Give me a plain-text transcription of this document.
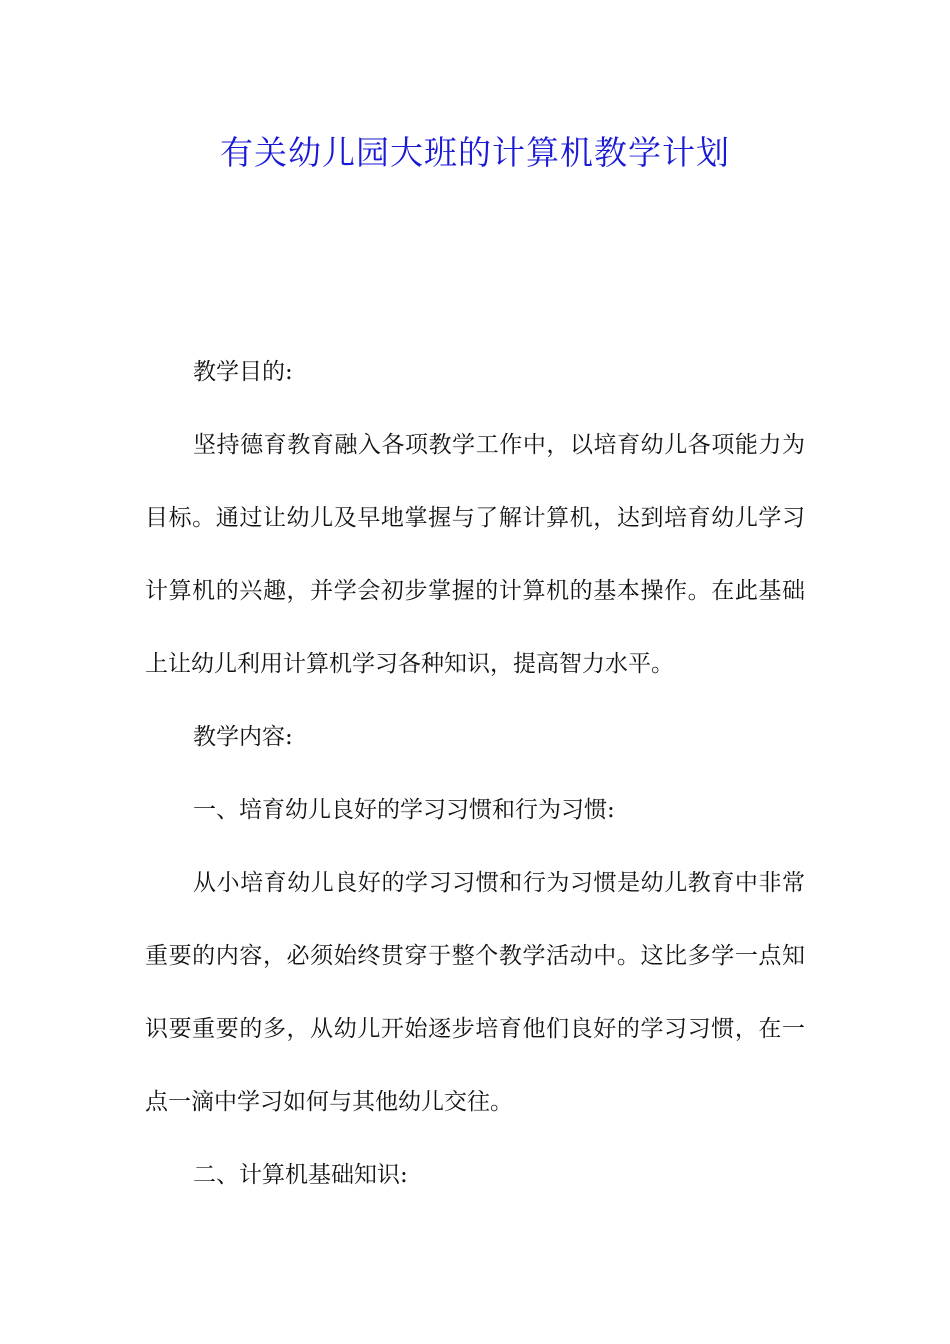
有关幼儿园大班的计算机教学计划

教学目的:

坚持德育教育融入各项教学工作中，以培育幼儿各项能力为目标。通过让幼儿及早地掌握与了解计算机，达到培育幼儿学习计算机的兴趣，并学会初步掌握的计算机的基本操作。在此基础上让幼儿利用计算机学习各种知识，提高智力水平。

教学内容:

一、培育幼儿良好的学习习惯和行为习惯:

从小培育幼儿良好的学习习惯和行为习惯是幼儿教育中非常重要的内容，必须始终贯穿于整个教学活动中。这比多学一点知识要重要的多，从幼儿开始逐步培育他们良好的学习习惯，在一点一滴中学习如何与其他幼儿交往。

二、计算机基础知识:
